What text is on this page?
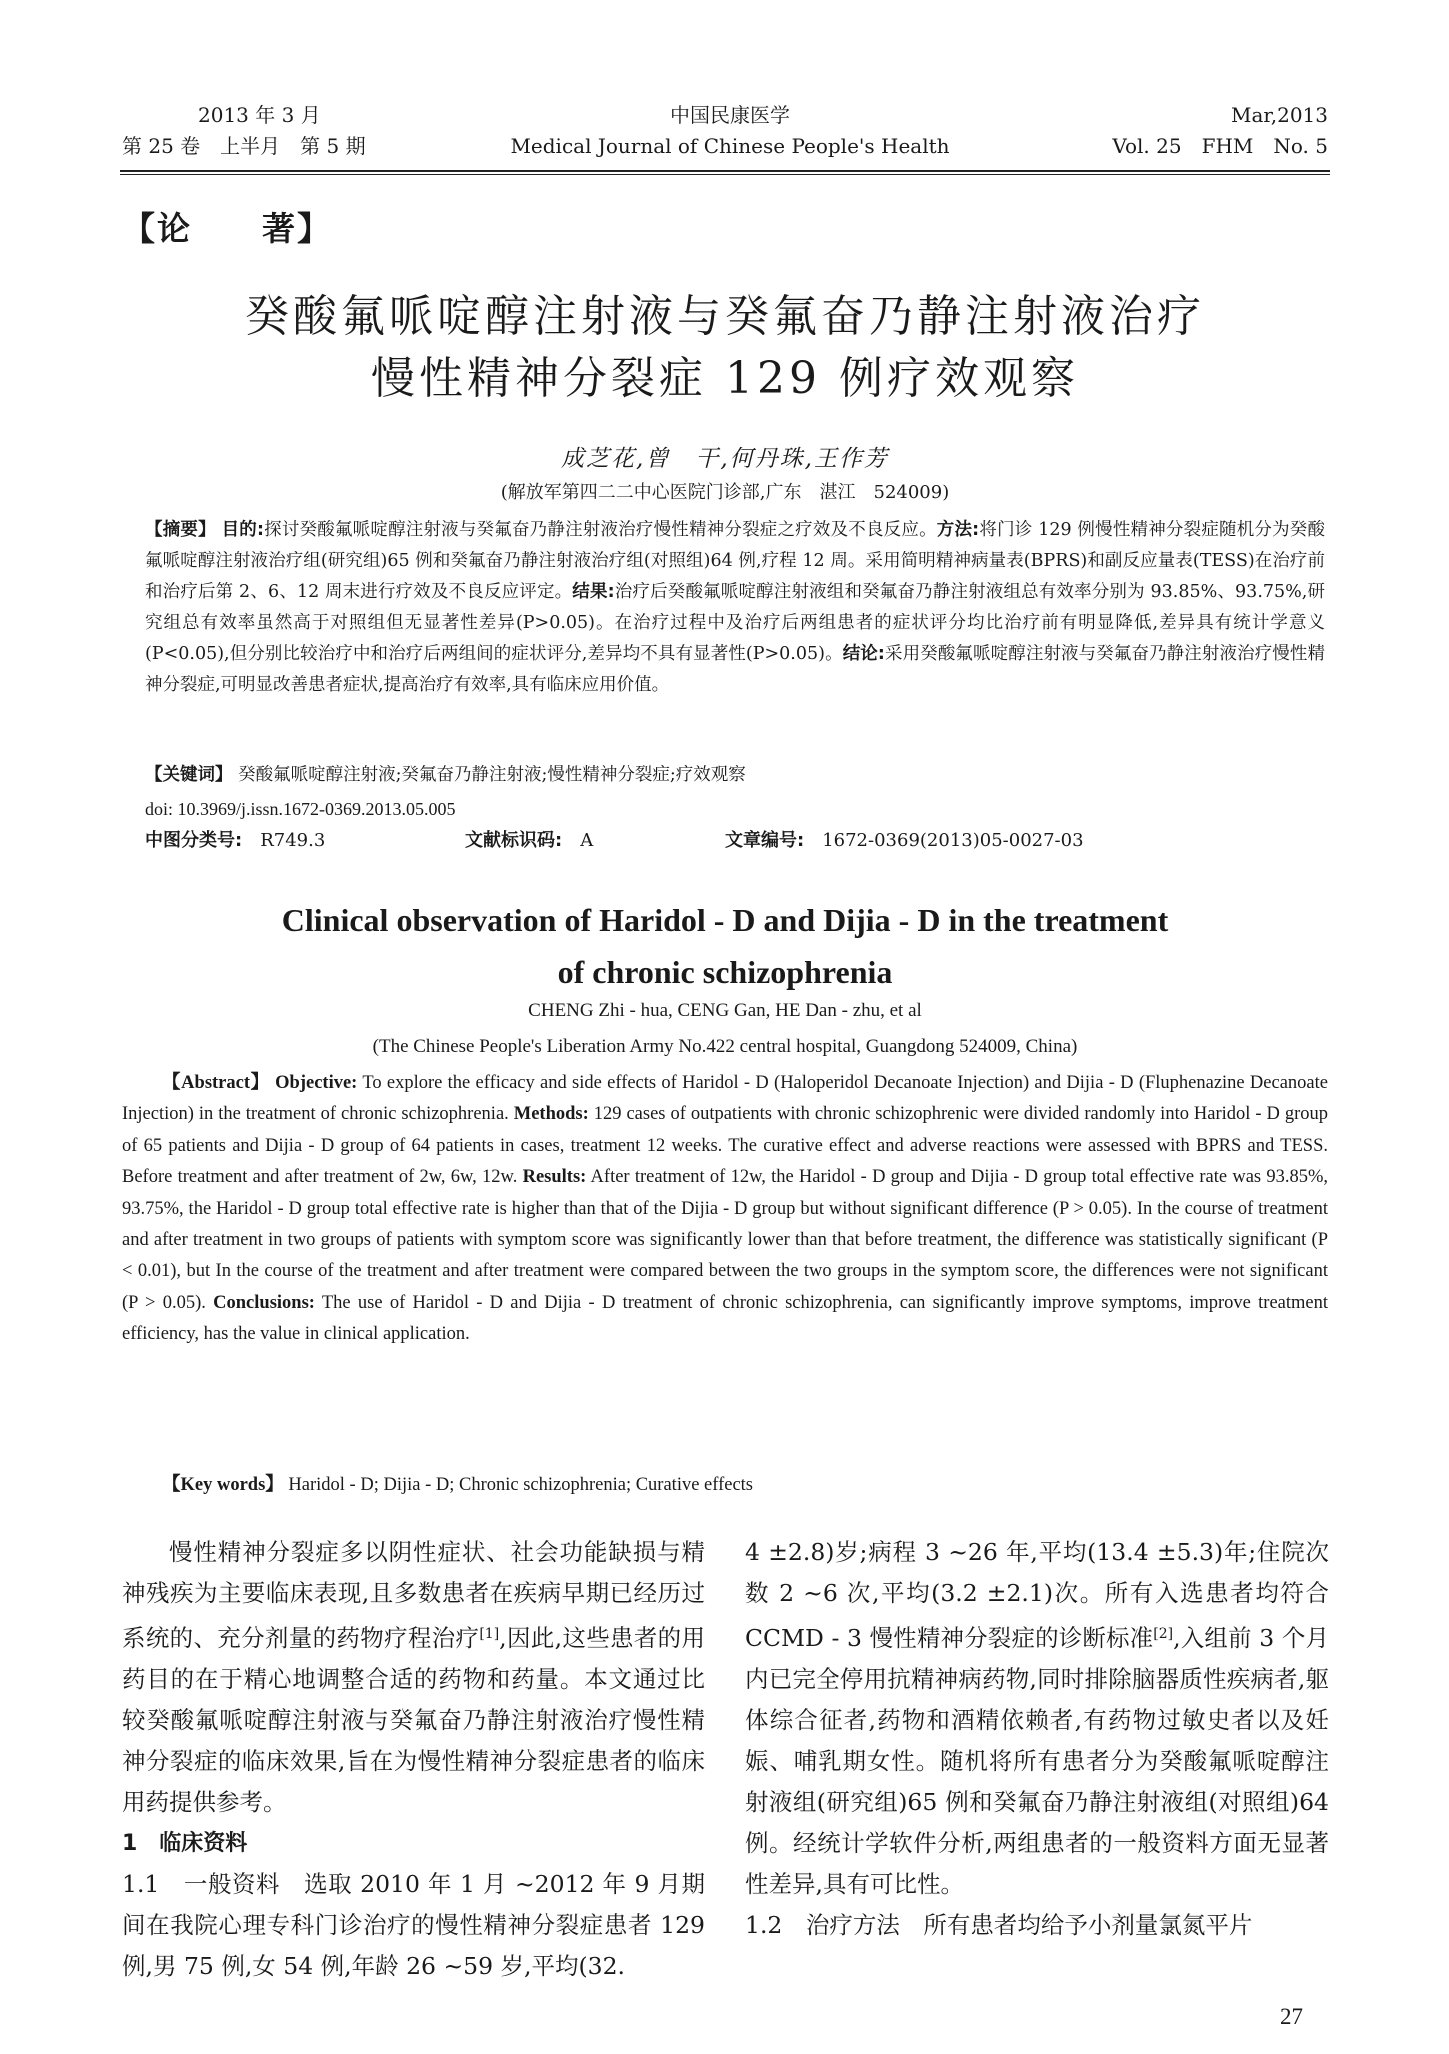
2013 年 3 月
第 25 卷　上半月　第 5 期
中国民康医学
Medical Journal of Chinese People's Health
Mar,2013
Vol. 25　FHM　No. 5
【论　　著】
癸酸氟哌啶醇注射液与癸氟奋乃静注射液治疗
慢性精神分裂症 129 例疗效观察
成芝花,曾　干,何丹珠,王作芳
(解放军第四二二中心医院门诊部,广东　湛江　524009)
【摘要】 目的:探讨癸酸氟哌啶醇注射液与癸氟奋乃静注射液治疗慢性精神分裂症之疗效及不良反应。方法:将门诊 129 例慢性精神分裂症随机分为癸酸氟哌啶醇注射液治疗组(研究组)65 例和癸氟奋乃静注射液治疗组(对照组)64 例,疗程 12 周。采用简明精神病量表(BPRS)和副反应量表(TESS)在治疗前和治疗后第 2、6、12 周末进行疗效及不良反应评定。结果:治疗后癸酸氟哌啶醇注射液组和癸氟奋乃静注射液组总有效率分别为 93.85%、93.75%,研究组总有效率虽然高于对照组但无显著性差异(P>0.05)。在治疗过程中及治疗后两组患者的症状评分均比治疗前有明显降低,差异具有统计学意义(P<0.05),但分别比较治疗中和治疗后两组间的症状评分,差异均不具有显著性(P>0.05)。结论:采用癸酸氟哌啶醇注射液与癸氟奋乃静注射液治疗慢性精神分裂症,可明显改善患者症状,提高治疗有效率,具有临床应用价值。
【关键词】 癸酸氟哌啶醇注射液;癸氟奋乃静注射液;慢性精神分裂症;疗效观察
doi: 10.3969/j.issn.1672-0369.2013.05.005
中图分类号:　 R749.3	文献标识码:　 A	文章编号:　 1672-0369(2013)05-0027-03
Clinical observation of Haridol - D and Dijia - D in the treatment
of chronic schizophrenia
CHENG Zhi - hua, CENG Gan, HE Dan - zhu, et al
(The Chinese People's Liberation Army No.422 central hospital, Guangdong 524009, China)
【Abstract】 Objective: To explore the efficacy and side effects of Haridol - D (Haloperidol Decanoate Injection) and Dijia - D (Fluphenazine Decanoate Injection) in the treatment of chronic schizophrenia. Methods: 129 cases of outpatients with chronic schizophrenic were divided randomly into Haridol - D group of 65 patients and Dijia - D group of 64 patients in cases, treatment 12 weeks. The curative effect and adverse reactions were assessed with BPRS and TESS. Before treatment and after treatment of 2w, 6w, 12w. Results: After treatment of 12w, the Haridol - D group and Dijia - D group total effective rate was 93.85%, 93.75%, the Haridol - D group total effective rate is higher than that of the Dijia - D group but without significant difference (P > 0.05). In the course of treatment and after treatment in two groups of patients with symptom score was significantly lower than that before treatment, the difference was statistically significant (P < 0.01), but In the course of the treatment and after treatment were compared between the two groups in the symptom score, the differences were not significant (P > 0.05). Conclusions: The use of Haridol - D and Dijia - D treatment of chronic schizophrenia, can significantly improve symptoms, improve treatment efficiency, has the value in clinical application.
【Key words】 Haridol - D; Dijia - D; Chronic schizophrenia; Curative effects

慢性精神分裂症多以阴性症状、社会功能缺损与精神残疾为主要临床表现,且多数患者在疾病早期已经历过系统的、充分剂量的药物疗程治疗[1],因此,这些患者的用药目的在于精心地调整合适的药物和药量。本文通过比较癸酸氟哌啶醇注射液与癸氟奋乃静注射液治疗慢性精神分裂症的临床效果,旨在为慢性精神分裂症患者的临床用药提供参考。

1　临床资料

1.1　一般资料　选取 2010 年 1 月 ~2012 年 9 月期间在我院心理专科门诊治疗的慢性精神分裂症患者 129 例,男 75 例,女 54 例,年龄 26 ~59 岁,平均(32.

4 ±2.8)岁;病程 3 ~26 年,平均(13.4 ±5.3)年;住院次数 2 ~6 次,平均(3.2 ±2.1)次。所有入选患者均符合 CCMD - 3 慢性精神分裂症的诊断标准[2],入组前 3 个月内已完全停用抗精神病药物,同时排除脑器质性疾病者,躯体综合征者,药物和酒精依赖者,有药物过敏史者以及妊娠、哺乳期女性。随机将所有患者分为癸酸氟哌啶醇注射液组(研究组)65 例和癸氟奋乃静注射液组(对照组)64 例。经统计学软件分析,两组患者的一般资料方面无显著性差异,具有可比性。

1.2　治疗方法　所有患者均给予小剂量氯氮平片

27
